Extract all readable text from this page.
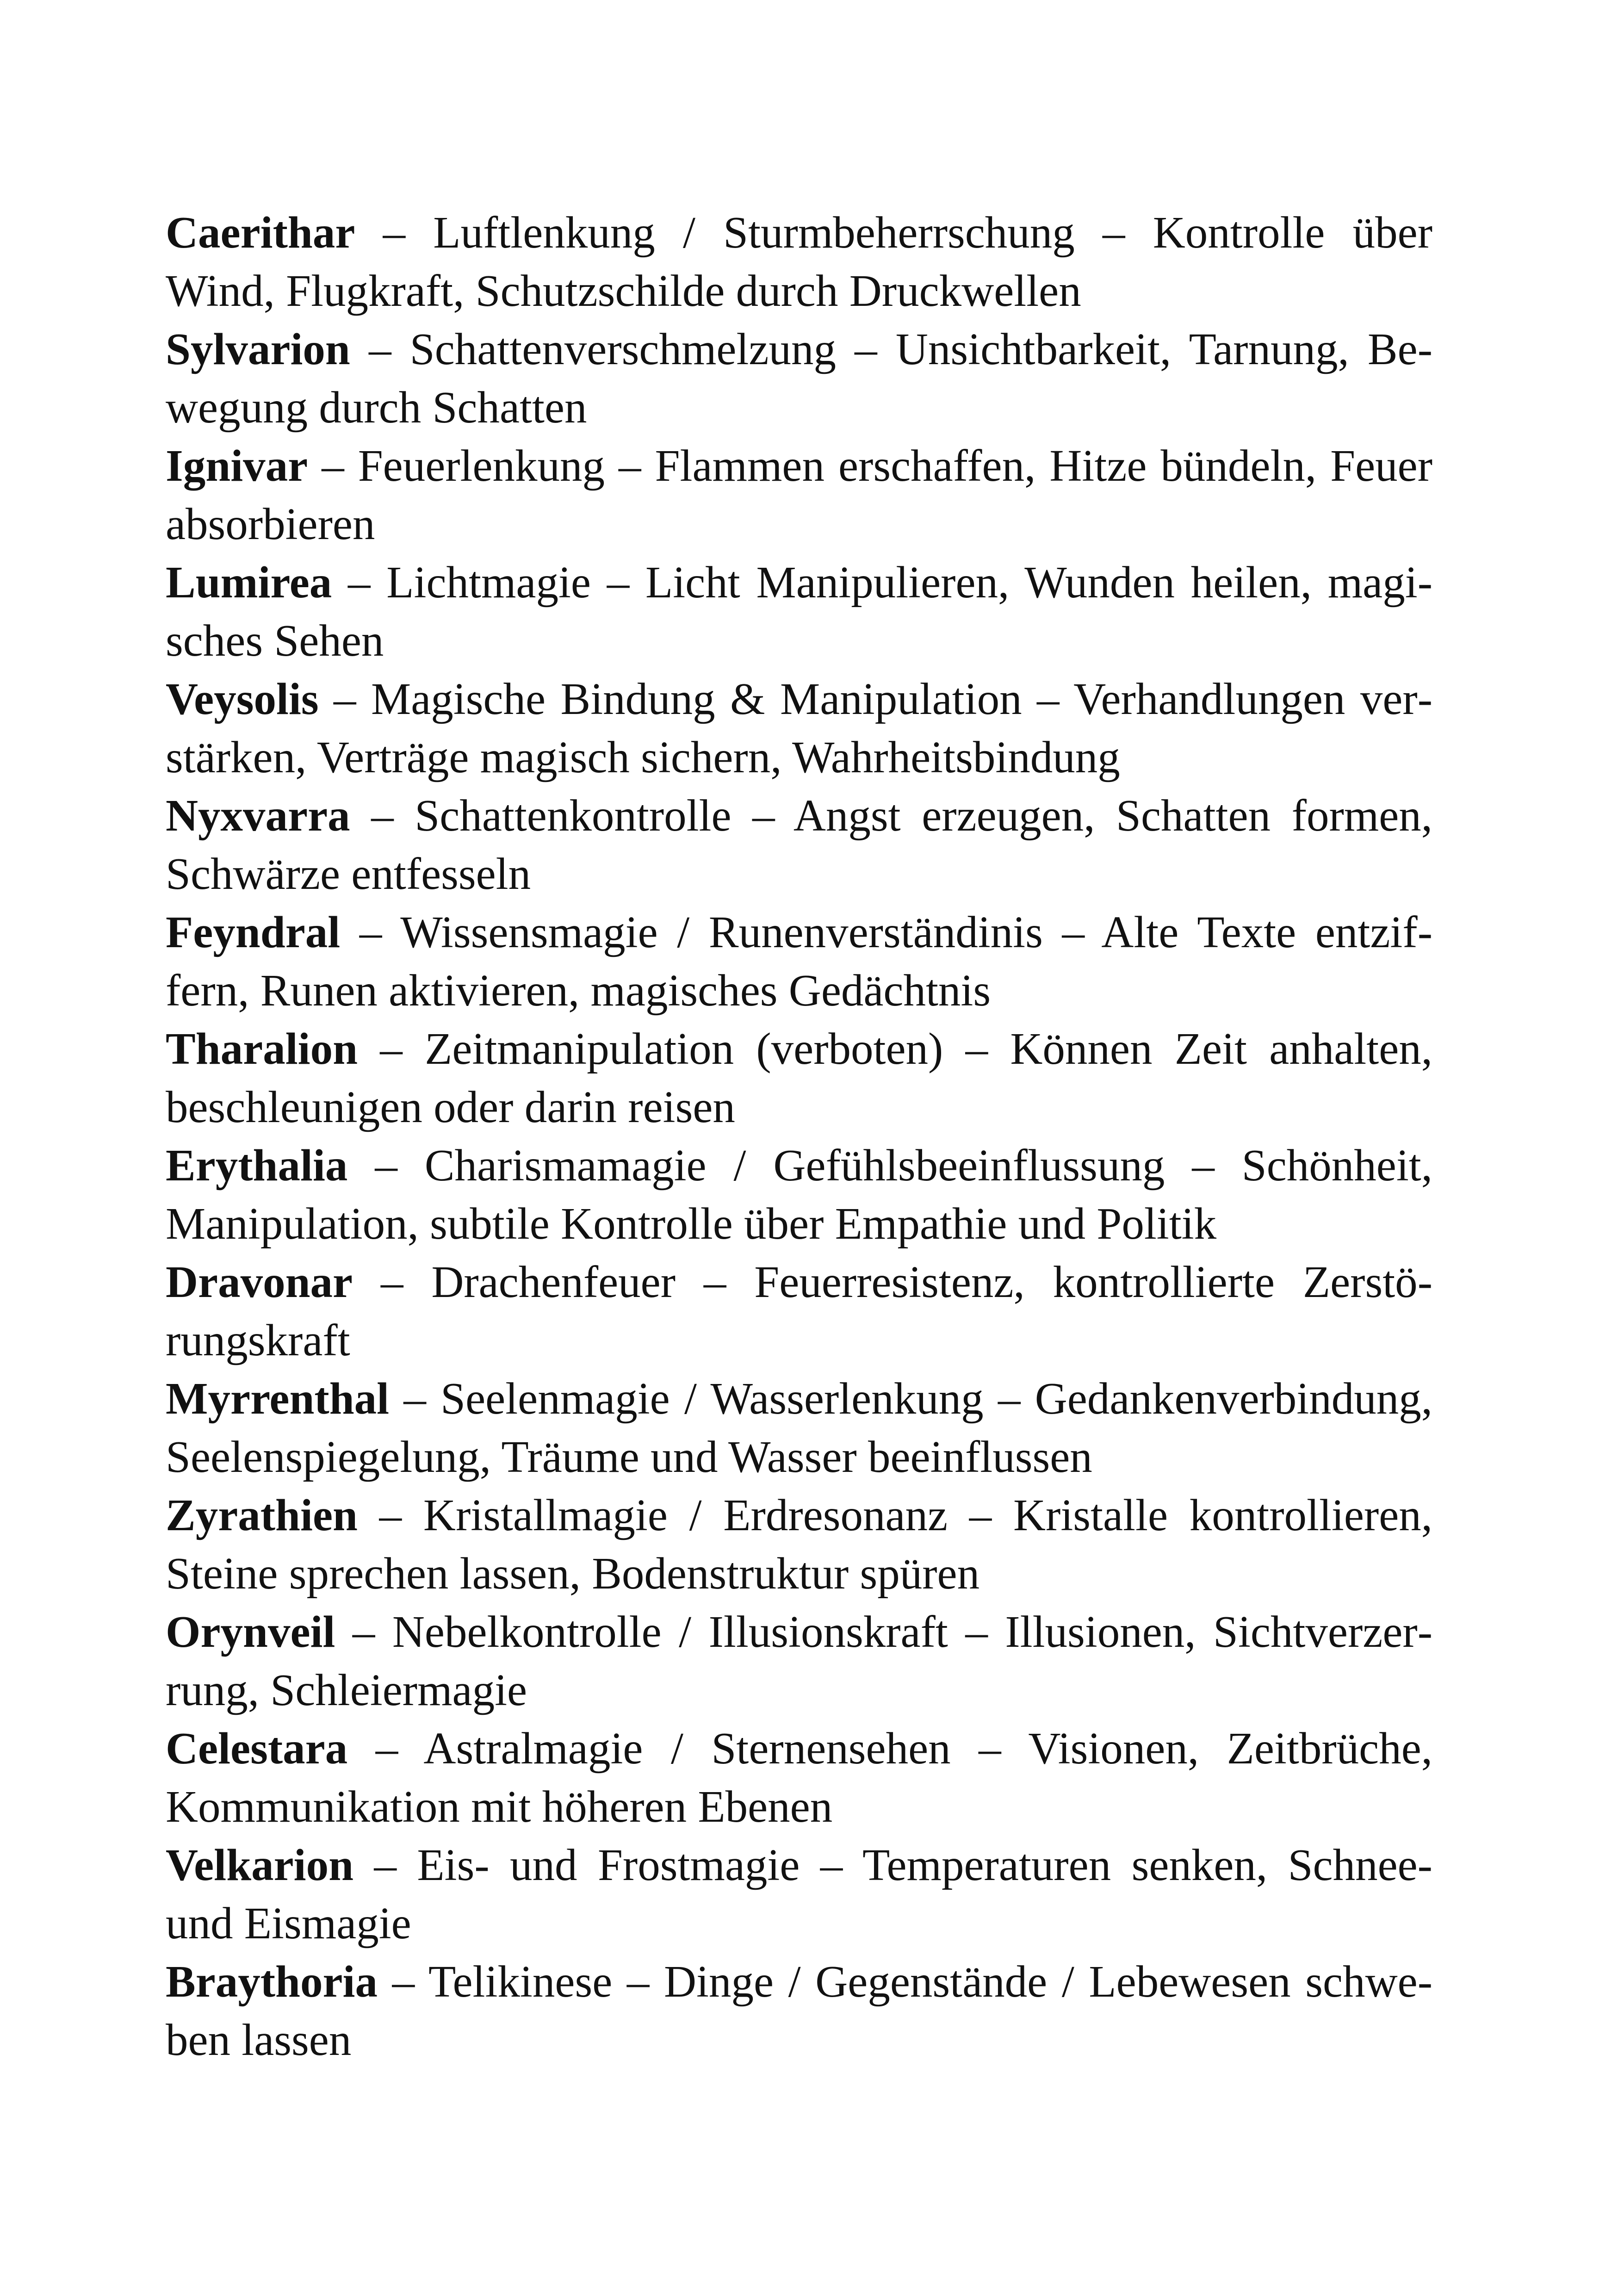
Caerithar – Luftlenkung / Sturmbeherrschung – Kontrolle über Wind, Flugkraft, Schutzschilde durch Druckwellen

Sylvarion – Schattenverschmelzung – Unsichtbarkeit, Tarnung, Bewegung durch Schatten

Ignivar – Feuerlenkung – Flammen erschaffen, Hitze bündeln, Feuer absorbieren

Lumirea – Lichtmagie – Licht Manipulieren, Wunden heilen, magisches Sehen

Veysolis – Magische Bindung & Manipulation – Verhandlungen verstärken, Verträge magisch sichern, Wahrheitsbindung

Nyxvarra – Schattenkontrolle – Angst erzeugen, Schatten formen, Schwärze entfesseln

Feyndral – Wissensmagie / Runenverständinis – Alte Texte entziffern, Runen aktivieren, magisches Gedächtnis

Tharalion – Zeitmanipulation (verboten) – Können Zeit anhalten, beschleunigen oder darin reisen

Erythalia – Charismamagie / Gefühlsbeeinflussung – Schönheit, Manipulation, subtile Kontrolle über Empathie und Politik

Dravonar – Drachenfeuer – Feuerresistenz, kontrollierte Zerstörungskraft

Myrrenthal – Seelenmagie / Wasserlenkung – Gedankenverbindung, Seelenspiegelung, Träume und Wasser beeinflussen

Zyrathien – Kristallmagie / Erdresonanz – Kristalle kontrollieren, Steine sprechen lassen, Bodenstruktur spüren

Orynveil – Nebelkontrolle / Illusionskraft – Illusionen, Sichtverzerrung, Schleiermagie

Celestara – Astralmagie / Sternensehen – Visionen, Zeitbrüche, Kommunikation mit höheren Ebenen

Velkarion – Eis- und Frostmagie – Temperaturen senken, Schnee- und Eismagie

Braythoria – Telikinese – Dinge / Gegenstände / Lebewesen schweben lassen
